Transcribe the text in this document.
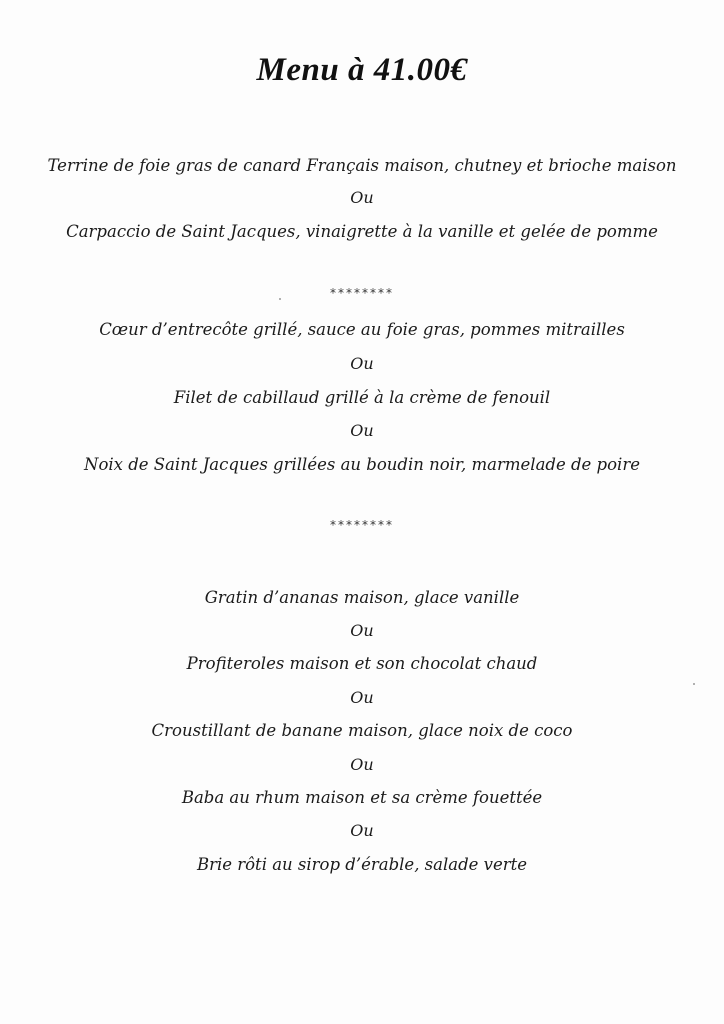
Menu à 41.00€
Terrine de foie gras de canard Français maison, chutney et brioche maison
Ou
Carpaccio de Saint Jacques, vinaigrette à la vanille et gelée de pomme
********
Cœur d’entrecôte grillé, sauce au foie gras, pommes mitrailles
Ou
Filet de cabillaud grillé à la crème de fenouil
Ou
Noix de Saint Jacques grillées au boudin noir, marmelade de poire
********
Gratin d’ananas maison, glace vanille
Ou
Profiteroles maison et son chocolat chaud
Ou
Croustillant de banane maison, glace noix de coco
Ou
Baba au rhum maison et sa crème fouettée
Ou
Brie rôti au sirop d’érable, salade verte
